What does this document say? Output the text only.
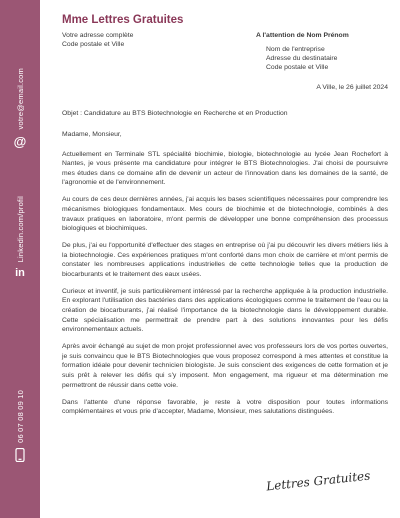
votre@email.com
@
Linkedin.com/profil
in
06 07 08 09 10
Mme Lettres Gratuites
Votre adresse complète
Code postale et Ville
A l'attention de Nom Prénom
Nom de l'entreprise
Adresse du destinataire
Code postale et Ville
A Ville, le 26 juillet 2024
Objet : Candidature au BTS Biotechnologie en Recherche et en Production

Madame, Monsieur,

Actuellement en Terminale STL spécialité biochimie, biologie, biotechnologie au lycée Jean Rochefort à Nantes, je vous présente ma candidature pour intégrer le BTS Biotechnologies. J'ai choisi de poursuivre mes études dans ce domaine afin de devenir un acteur de l'innovation dans les domaines de la santé, de l'agronomie et de l'environnement.

Au cours de ces deux dernières années, j'ai acquis les bases scientifiques nécessaires pour comprendre les mécanismes biologiques fondamentaux. Mes cours de biochimie et de biotechnologie, combinés à des travaux pratiques en laboratoire, m'ont permis de développer une bonne compréhension des processus biologiques et biochimiques.

De plus, j'ai eu l'opportunité d'effectuer des stages en entreprise où j'ai pu découvrir les divers métiers liés à la biotechnologie. Ces expériences pratiques m'ont conforté dans mon choix de carrière et m'ont permis de constater les nombreuses applications industrielles de cette technologie telles que la production de biocarburants et le traitement des eaux usées.

Curieux et inventif, je suis particulièrement intéressé par la recherche appliquée à la production industrielle. En explorant l'utilisation des bactéries dans des applications écologiques comme le traitement de l'eau ou la création de biocarburants, j'ai réalisé l'importance de la biotechnologie dans le développement durable. Cette spécialisation me permettrait de prendre part à des solutions innovantes pour les défis environnementaux actuels.

Après avoir échangé au sujet de mon projet professionnel avec vos professeurs lors de vos portes ouvertes, je suis convaincu que le BTS Biotechnologies que vous proposez correspond à mes attentes et constitue la formation idéale pour devenir technicien biologiste. Je suis conscient des exigences de cette formation et je suis prêt à relever les défis qui s'y imposent. Mon engagement, ma rigueur et ma détermination me permettront de réussir dans cette voie.

Dans l'attente d'une réponse favorable, je reste à votre disposition pour toutes informations complémentaires et vous prie d'accepter, Madame, Monsieur, mes salutations distinguées.

Lettres Gratuites
